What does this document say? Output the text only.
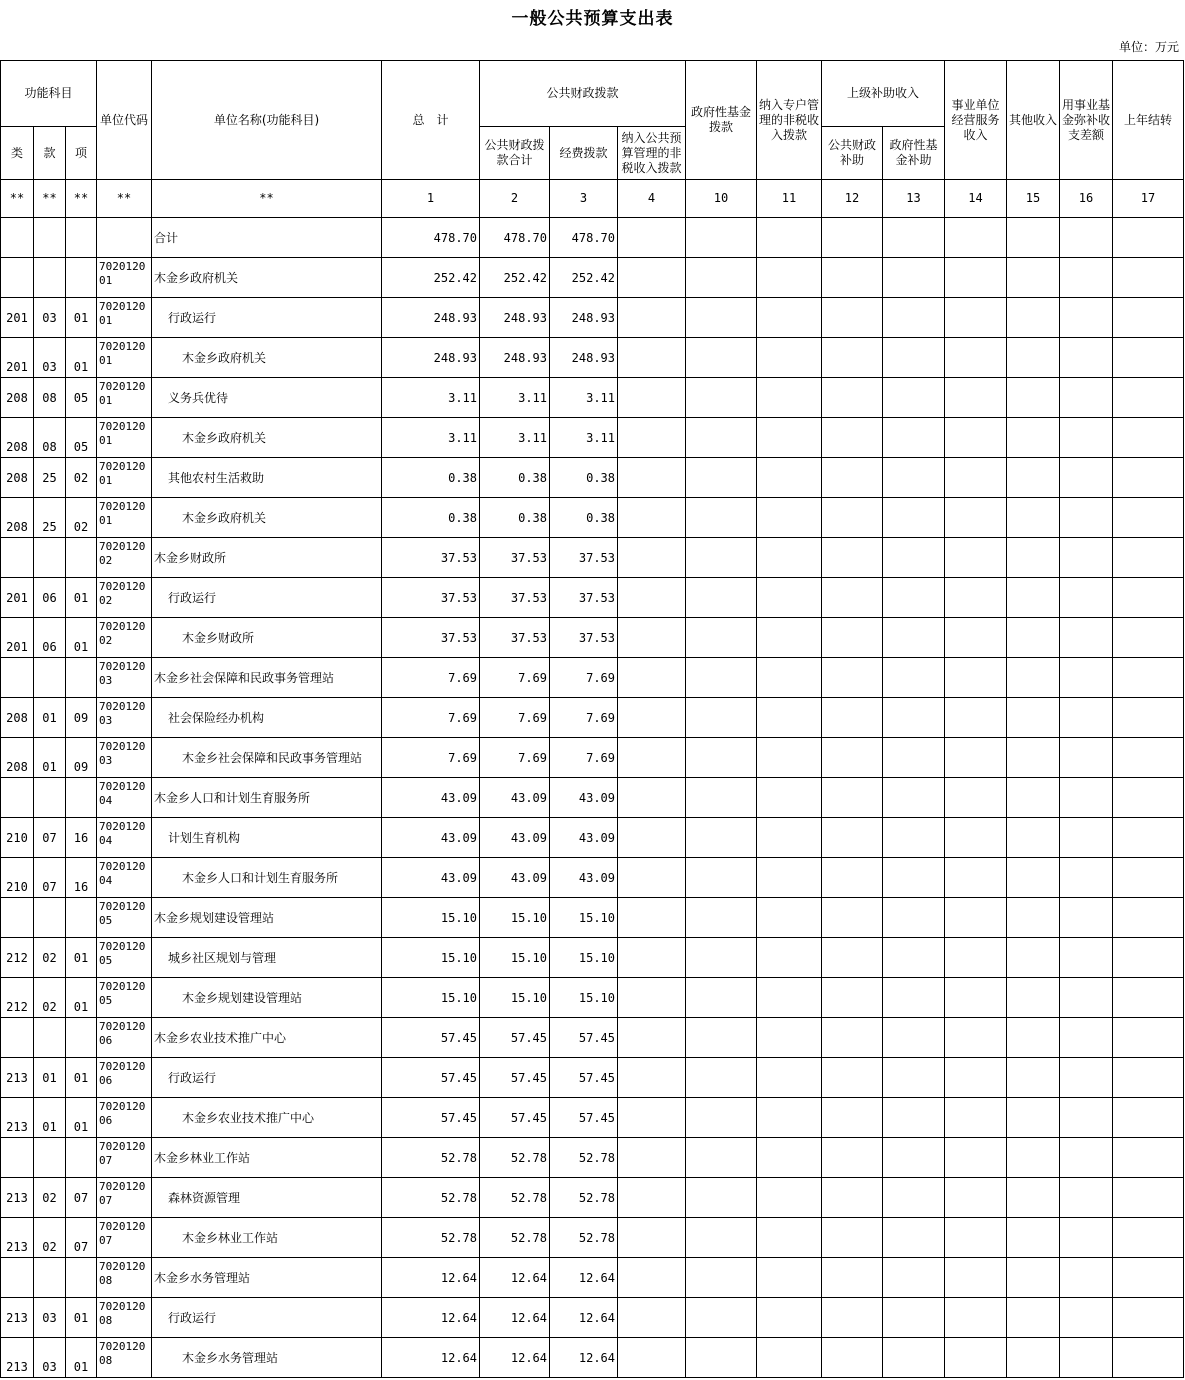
一般公共预算支出表
单位：万元
功能科目			单位代码	单位名称(功能科目)	总　计	公共财政拨款			政府性基金拨款	纳入专户管理的非税收入拨款	上级补助收入		事业单位经营服务收入	其他收入	用事业基金弥补收支差额	上年结转
类	款	项				公共财政拨款合计	经费拨款	纳入公共预算管理的非税收入拨款			公共财政补助	政府性基金补助				
**	**	**	**	**	1	2	3	4	10	11	12	13	14	15	16	17
				合计	478.70	478.70	478.70									
			702012001	木金乡政府机关	252.42	252.42	252.42									
201	03	01	702012001	行政运行	248.93	248.93	248.93									
201	03	01	702012001	木金乡政府机关	248.93	248.93	248.93									
208	08	05	702012001	义务兵优待	3.11	3.11	3.11									
208	08	05	702012001	木金乡政府机关	3.11	3.11	3.11									
208	25	02	702012001	其他农村生活救助	0.38	0.38	0.38									
208	25	02	702012001	木金乡政府机关	0.38	0.38	0.38									
			702012002	木金乡财政所	37.53	37.53	37.53									
201	06	01	702012002	行政运行	37.53	37.53	37.53									
201	06	01	702012002	木金乡财政所	37.53	37.53	37.53									
			702012003	木金乡社会保障和民政事务管理站	7.69	7.69	7.69									
208	01	09	702012003	社会保险经办机构	7.69	7.69	7.69									
208	01	09	702012003	木金乡社会保障和民政事务管理站	7.69	7.69	7.69									
			702012004	木金乡人口和计划生育服务所	43.09	43.09	43.09									
210	07	16	702012004	计划生育机构	43.09	43.09	43.09									
210	07	16	702012004	木金乡人口和计划生育服务所	43.09	43.09	43.09									
			702012005	木金乡规划建设管理站	15.10	15.10	15.10									
212	02	01	702012005	城乡社区规划与管理	15.10	15.10	15.10									
212	02	01	702012005	木金乡规划建设管理站	15.10	15.10	15.10									
			702012006	木金乡农业技术推广中心	57.45	57.45	57.45									
213	01	01	702012006	行政运行	57.45	57.45	57.45									
213	01	01	702012006	木金乡农业技术推广中心	57.45	57.45	57.45									
			702012007	木金乡林业工作站	52.78	52.78	52.78									
213	02	07	702012007	森林资源管理	52.78	52.78	52.78									
213	02	07	702012007	木金乡林业工作站	52.78	52.78	52.78									
			702012008	木金乡水务管理站	12.64	12.64	12.64									
213	03	01	702012008	行政运行	12.64	12.64	12.64									
213	03	01	702012008	木金乡水务管理站	12.64	12.64	12.64									
